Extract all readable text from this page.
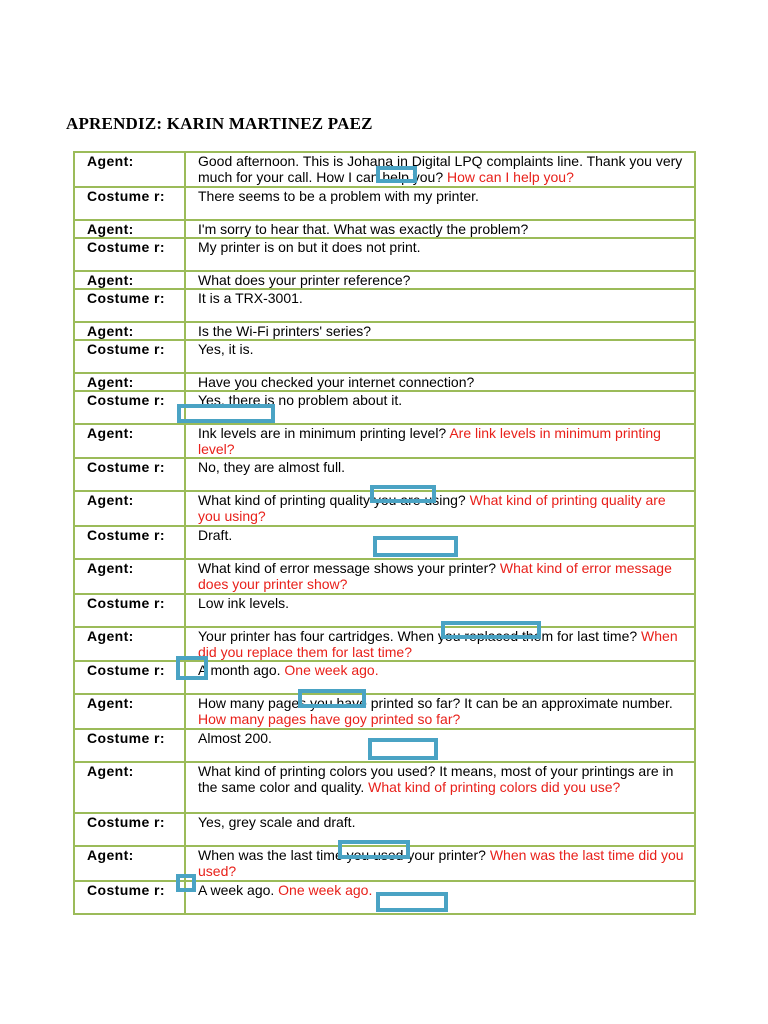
APRENDIZ: KARIN MARTINEZ PAEZ
Agent:	Good afternoon. This is Johana in Digital LPQ complaints line. Thank you very much for your call. How I can help you? How can I help you?
Costume r:	There seems to be a problem with my printer.
Agent:	I'm sorry to hear that. What was exactly the problem?
Costume r:	My printer is on but it does not print.
Agent:	What does your printer reference?
Costume r:	It is a TRX-3001.
Agent:	Is the Wi-Fi printers' series?
Costume r:	Yes, it is.
Agent:	Have you checked your internet connection?
Costume r:	Yes, there is no problem about it.
Agent:	Ink levels are in minimum printing level? Are link levels in minimum printing level?
Costume r:	No, they are almost full.
Agent:	What kind of printing quality you are using? What kind of printing quality are you using?
Costume r:	Draft.
Agent:	What kind of error message shows your printer? What kind of error message does your printer show?
Costume r:	Low ink levels.
Agent:	Your printer has four cartridges. When you replaced them for last time? When did you replace them for last time?
Costume r:	A month ago. One week ago.
Agent:	How many pages you have printed so far? It can be an approximate number. How many pages have goy printed so far?
Costume r:	Almost 200.
Agent:	What kind of printing colors you used? It means, most of your printings are in the same color and quality. What kind of printing colors did you use?
Costume r:	Yes, grey scale and draft.
Agent:	When was the last time you used your printer? When was the last time did you used?
Costume r:	A week ago. One week ago.
